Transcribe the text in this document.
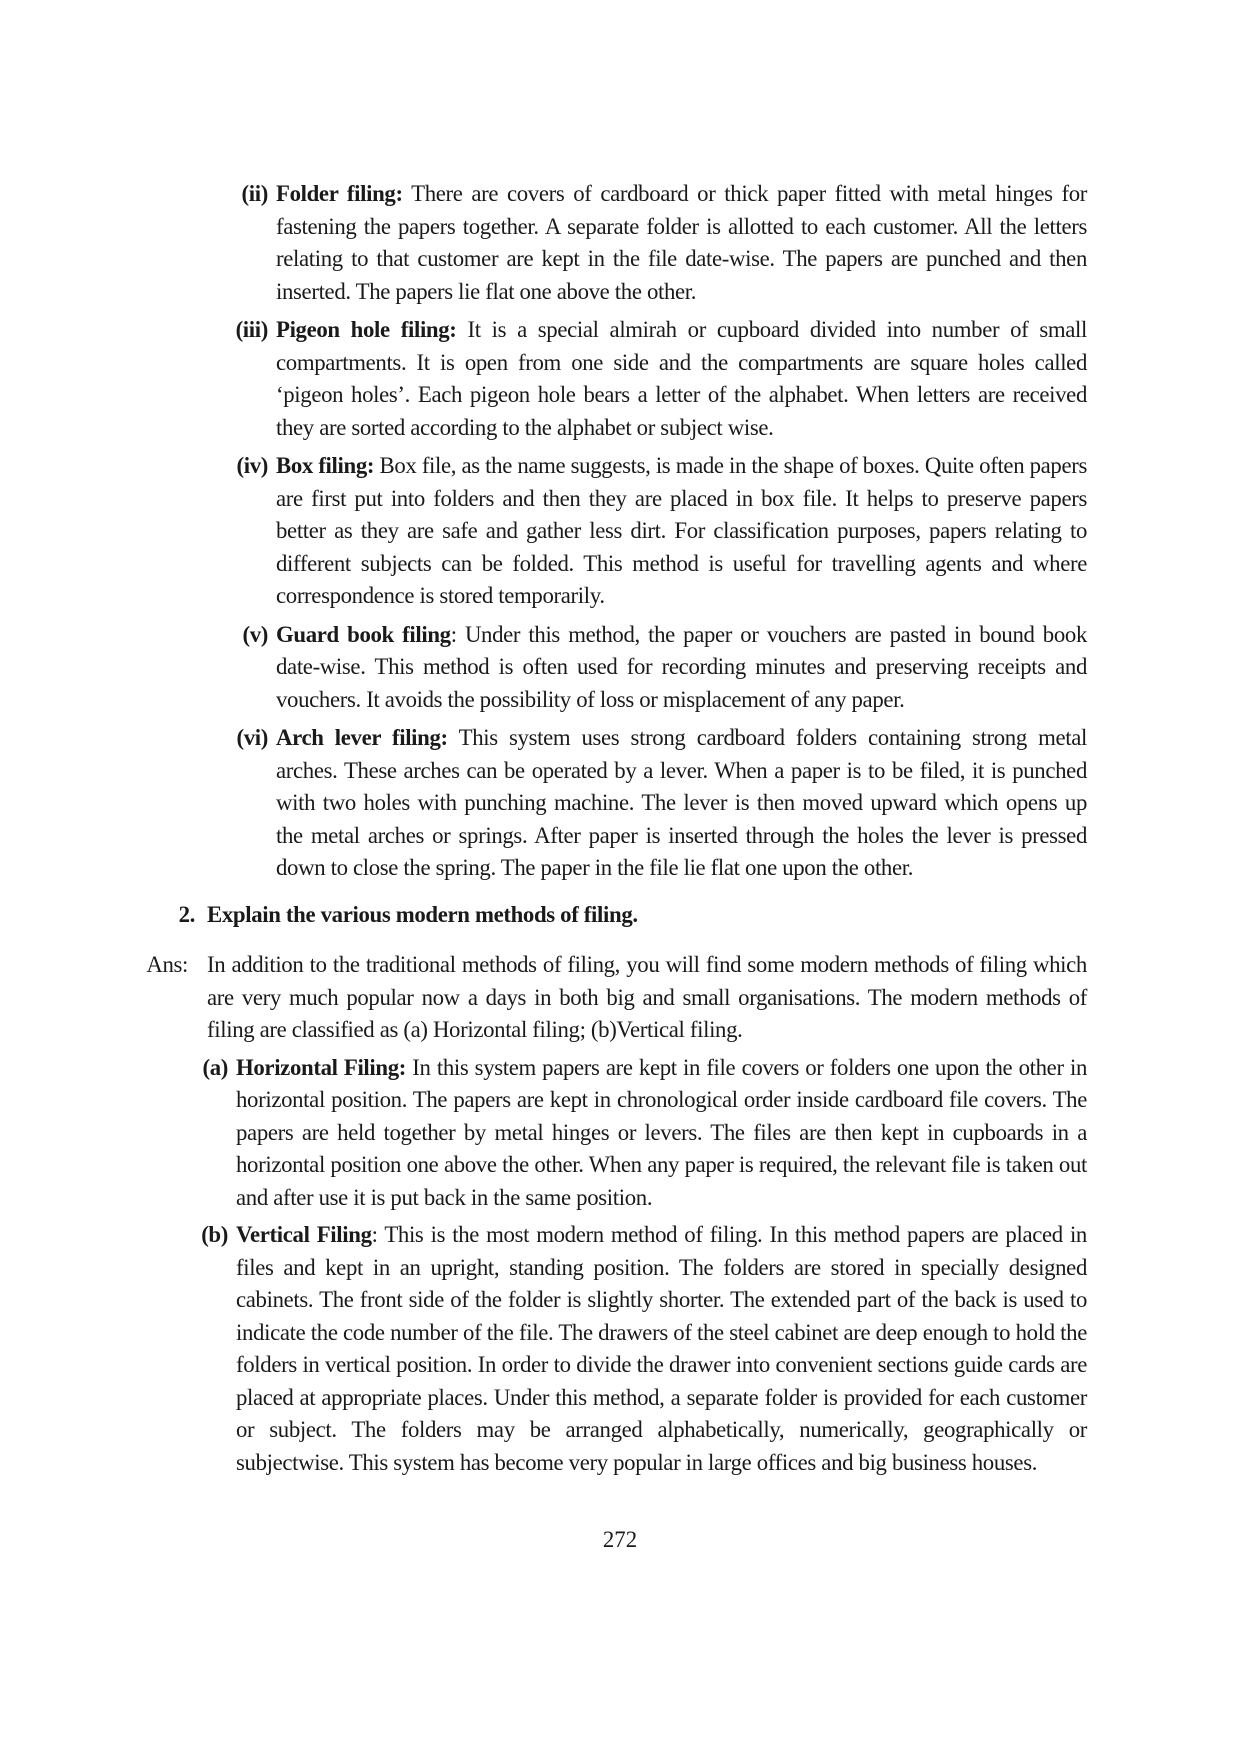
(ii) Folder filing: There are covers of cardboard or thick paper fitted with metal hinges for fastening the papers together. A separate folder is allotted to each customer. All the letters relating to that customer are kept in the file date-wise. The papers are punched and then inserted. The papers lie flat one above the other.
(iii) Pigeon hole filing: It is a special almirah or cupboard divided into number of small compartments. It is open from one side and the compartments are square holes called ‘pigeon holes’. Each pigeon hole bears a letter of the alphabet. When letters are received they are sorted according to the alphabet or subject wise.
(iv) Box filing: Box file, as the name suggests, is made in the shape of boxes. Quite often papers are first put into folders and then they are placed in box file. It helps to preserve papers better as they are safe and gather less dirt. For classification purposes, papers relating to different subjects can be folded. This method is useful for travelling agents and where correspondence is stored temporarily.
(v) Guard book filing: Under this method, the paper or vouchers are pasted in bound book date-wise. This method is often used for recording minutes and preserving receipts and vouchers. It avoids the possibility of loss or misplacement of any paper.
(vi) Arch lever filing: This system uses strong cardboard folders containing strong metal arches. These arches can be operated by a lever. When a paper is to be filed, it is punched with two holes with punching machine. The lever is then moved upward which opens up the metal arches or springs. After paper is inserted through the holes the lever is pressed down to close the spring. The paper in the file lie flat one upon the other.
2. Explain the various modern methods of filing.
Ans: In addition to the traditional methods of filing, you will find some modern methods of filing which are very much popular now a days in both big and small organisations. The modern methods of filing are classified as (a) Horizontal filing; (b)Vertical filing.
(a) Horizontal Filing: In this system papers are kept in file covers or folders one upon the other in horizontal position. The papers are kept in chronological order inside cardboard file covers. The papers are held together by metal hinges or levers. The files are then kept in cupboards in a horizontal position one above the other. When any paper is required, the relevant file is taken out and after use it is put back in the same position.
(b) Vertical Filing: This is the most modern method of filing. In this method papers are placed in files and kept in an upright, standing position. The folders are stored in specially designed cabinets. The front side of the folder is slightly shorter. The extended part of the back is used to indicate the code number of the file. The drawers of the steel cabinet are deep enough to hold the folders in vertical position. In order to divide the drawer into convenient sections guide cards are placed at appropriate places. Under this method, a separate folder is provided for each customer or subject. The folders may be arranged alphabetically, numerically, geographically or subjectwise. This system has become very popular in large offices and big business houses.
272
